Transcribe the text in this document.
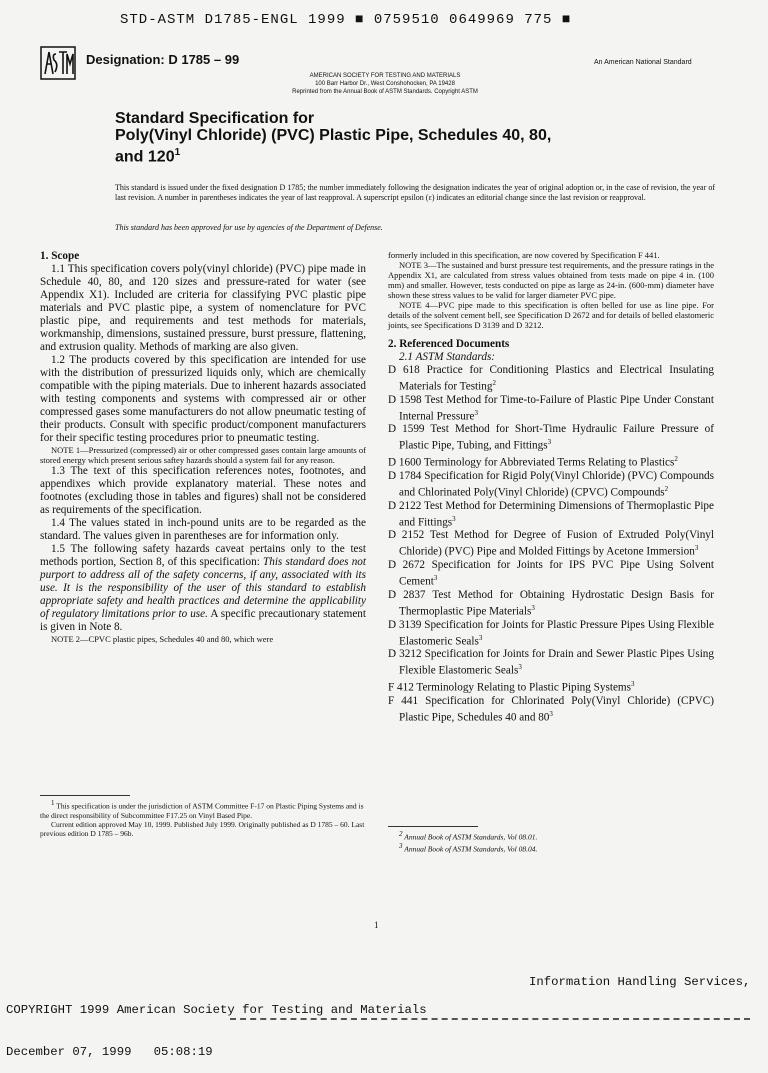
STD-ASTM D1785-ENGL 1999 ■ 0759510 0649969 775 ■
Designation: D 1785 – 99	An American National Standard
AMERICAN SOCIETY FOR TESTING AND MATERIALS
100 Barr Harbor Dr., West Conshohocken, PA 19428
Reprinted from the Annual Book of ASTM Standards. Copyright ASTM
Standard Specification for
Poly(Vinyl Chloride) (PVC) Plastic Pipe, Schedules 40, 80,
and $120^1$
This standard is issued under the fixed designation D 1785; the number immediately following the designation indicates the year of original adoption or, in the case of revision, the year of last revision. A number in parentheses indicates the year of last reapproval. A superscript epsilon (ε) indicates an editorial change since the last revision or reapproval.
This standard has been approved for use by agencies of the Department of Defense.

1. Scope

1.1 This specification covers poly(vinyl chloride) (PVC) pipe made in Schedule 40, 80, and 120 sizes and pressure-rated for water (see Appendix X1). Included are criteria for classifying PVC plastic pipe materials and PVC plastic pipe, a system of nomenclature for PVC plastic pipe, and requirements and test methods for materials, workmanship, dimensions, sustained pressure, burst pressure, flattening, and extrusion quality. Methods of marking are also given.

1.2 The products covered by this specification are intended for use with the distribution of pressurized liquids only, which are chemically compatible with the piping materials. Due to inherent hazards associated with testing components and systems with compressed air or other compressed gases some manufacturers do not allow pneumatic testing of their products. Consult with specific product/component manufacturers for their specific testing procedures prior to pneumatic testing.

NOTE 1—Pressurized (compressed) air or other compressed gases contain large amounts of stored energy which present serious saftey hazards should a system fail for any reason.

1.3 The text of this specification references notes, footnotes, and appendixes which provide explanatory material. These notes and footnotes (excluding those in tables and figures) shall not be considered as requirements of the specification.

1.4 The values stated in inch-pound units are to be regarded as the standard. The values given in parentheses are for information only.

1.5 The following safety hazards caveat pertains only to the test methods portion, Section 8, of this specification: This standard does not purport to address all of the safety concerns, if any, associated with its use. It is the responsibility of the user of this standard to establish appropriate safety and health practices and determine the applicability of regulatory limitations prior to use. A specific precautionary statement is given in Note 8.

NOTE 2—CPVC plastic pipes, Schedules 40 and 80, which were

$^1$ This specification is under the jurisdiction of ASTM Committee F-17 on Plastic Piping Systems and is the direct responsibility of Subcommittee F17.25 on Vinyl Based Pipe.

Current edition approved May 10, 1999. Published July 1999. Originally published as D 1785 – 60. Last previous edition D 1785 – 96b.

formerly included in this specification, are now covered by Specification F 441.

NOTE 3—The sustained and burst pressure test requirements, and the pressure ratings in the Appendix X1, are calculated from stress values obtained from tests made on pipe 4 in. (100 mm) and smaller. However, tests conducted on pipe as large as 24-in. (600-mm) diameter have shown these stress values to be valid for larger diameter PVC pipe.

NOTE 4—PVC pipe made to this specification is often belled for use as line pipe. For details of the solvent cement bell, see Specification D 2672 and for details of belled elastomeric joints, see Specifications D 3139 and D 3212.

2. Referenced Documents

2.1 ASTM Standards:

D 618 Practice for Conditioning Plastics and Electrical Insulating Materials for Testing$^2$

D 1598 Test Method for Time-to-Failure of Plastic Pipe Under Constant Internal Pressure$^3$

D 1599 Test Method for Short-Time Hydraulic Failure Pressure of Plastic Pipe, Tubing, and Fittings$^3$

D 1600 Terminology for Abbreviated Terms Relating to Plastics$^2$

D 1784 Specification for Rigid Poly(Vinyl Chloride) (PVC) Compounds and Chlorinated Poly(Vinyl Chloride) (CPVC) Compounds$^2$

D 2122 Test Method for Determining Dimensions of Thermoplastic Pipe and Fittings$^3$

D 2152 Test Method for Degree of Fusion of Extruded Poly(Vinyl Chloride) (PVC) Pipe and Molded Fittings by Acetone Immersion$^3$

D 2672 Specification for Joints for IPS PVC Pipe Using Solvent Cement$^3$

D 2837 Test Method for Obtaining Hydrostatic Design Basis for Thermoplastic Pipe Materials$^3$

D 3139 Specification for Joints for Plastic Pressure Pipes Using Flexible Elastomeric Seals$^3$

D 3212 Specification for Joints for Drain and Sewer Plastic Pipes Using Flexible Elastomeric Seals$^3$

F 412 Terminology Relating to Plastic Piping Systems$^3$

F 441 Specification for Chlorinated Poly(Vinyl Chloride) (CPVC) Plastic Pipe, Schedules 40 and $80^3$

$^2$ Annual Book of ASTM Standards, Vol 08.01.

$^3$ Annual Book of ASTM Standards, Vol 08.04.

1

COPYRIGHT 1999 American Society for Testing and Materials

December 07, 1999   05:08:19

Information Handling Services,
